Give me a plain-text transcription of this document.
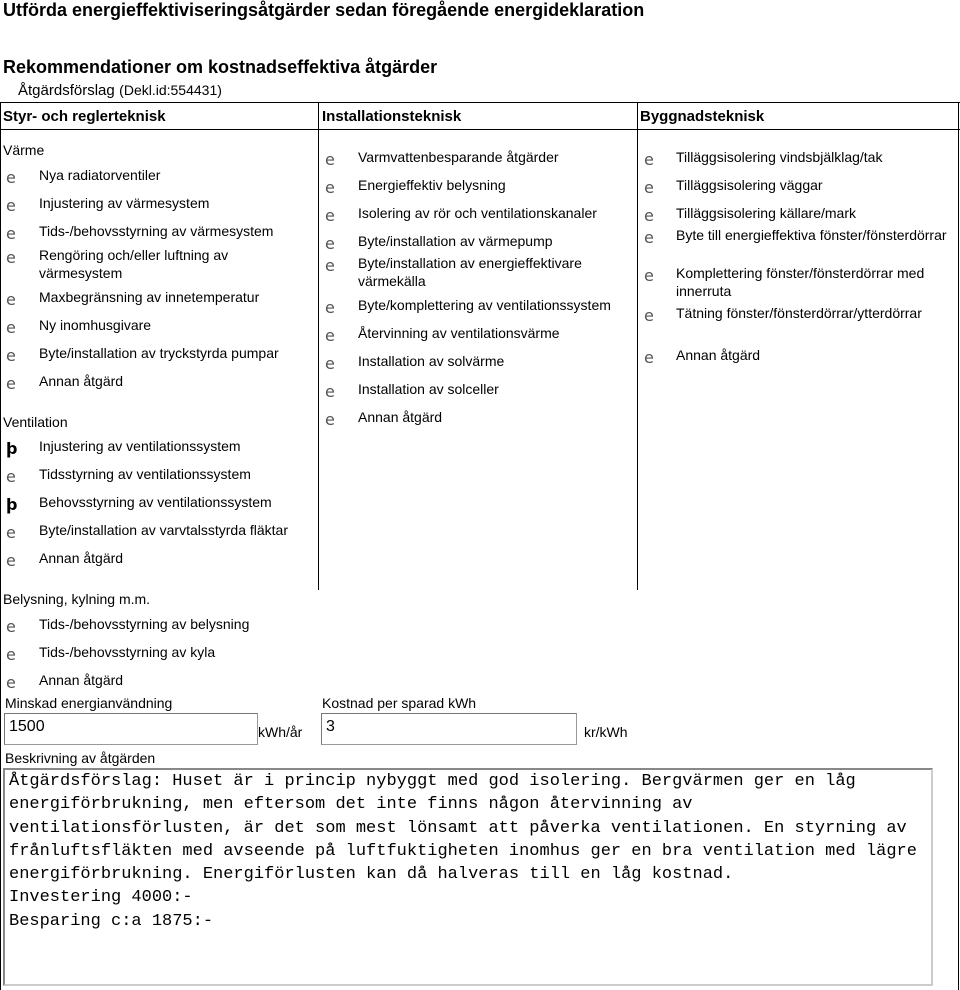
Utförda energieffektiviseringsåtgärder sedan föregående energideklaration
Rekommendationer om kostnadseffektiva åtgärder
Åtgärdsförslag (Dekl.id:554431)
Styr- och reglerteknisk	Installationsteknisk	Byggnadsteknisk
Värme
e Nya radiatorventiler
e Injustering av värmesystem
e Tids-/behovsstyrning av värmesystem
e Rengöring och/eller luftning av värmesystem
e Maxbegränsning av innetemperatur
e Ny inomhusgivare
e Byte/installation av tryckstyrda pumpar
e Annan åtgärd
Ventilation
þ Injustering av ventilationssystem
e Tidsstyrning av ventilationssystem
þ Behovsstyrning av ventilationssystem
e Byte/installation av varvtalsstyrda fläktar
e Annan åtgärd
Belysning, kylning m.m.
e Tids-/behovsstyrning av belysning
e Tids-/behovsstyrning av kyla
e Annan åtgärd
e Varmvattenbesparande åtgärder
e Energieffektiv belysning
e Isolering av rör och ventilationskanaler
e Byte/installation av värmepump
e Byte/installation av energieffektivare värmekälla
e Byte/komplettering av ventilationssystem
e Återvinning av ventilationsvärme
e Installation av solvärme
e Installation av solceller
e Annan åtgärd
e Tilläggsisolering vindsbjälklag/tak
e Tilläggsisolering väggar
e Tilläggsisolering källare/mark
e Byte till energieffektiva fönster/fönsterdörrar
e Komplettering fönster/fönsterdörrar med innerruta
e Tätning fönster/fönsterdörrar/ytterdörrar
e Annan åtgärd
Minskad energianvändning
1500	kWh/år
Kostnad per sparad kWh
3	kr/kWh
Beskrivning av åtgärden
Åtgärdsförslag: Huset är i princip nybyggt med god isolering. Bergvärmen ger en låg energiförbrukning, men eftersom det inte finns någon återvinning av ventilationsförlusten, är det som mest lönsamt att påverka ventilationen. En styrning av frånluftsfläkten med avseende på luftfuktigheten inomhus ger en bra ventilation med lägre energiförbrukning. Energiförlusten kan då halveras till en låg kostnad.
Investering 4000:-
Besparing c:a 1875:-
